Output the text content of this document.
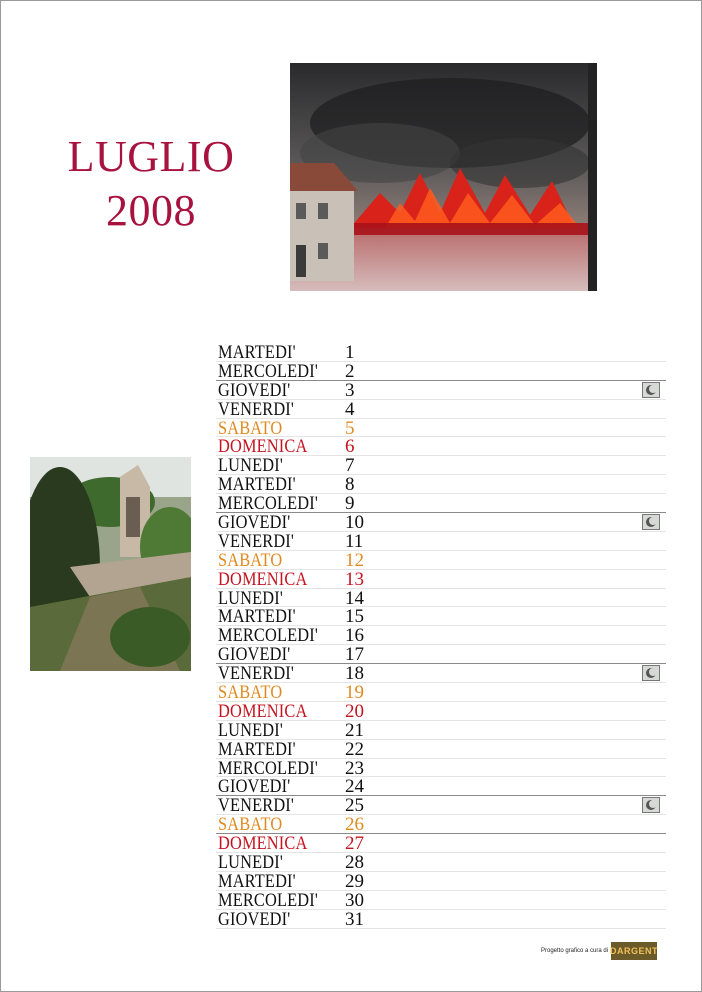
LUGLIO
2008
MARTEDI'	1
MERCOLEDI' 2
GIOVEDI'	3
VENERDI'	4
SABATO	5
DOMENICA 6
LUNEDI'	7
MARTEDI'	8
MERCOLEDI' 9
GIOVEDI'	10
VENERDI'	11
SABATO	12
DOMENICA 13
LUNEDI'	14
MARTEDI'	15
MERCOLEDI' 16
GIOVEDI'	17
VENERDI'	18
SABATO	19
DOMENICA 20
LUNEDI'	21
MARTEDI'	22
MERCOLEDI' 23
GIOVEDI'	24
VENERDI'	25
SABATO	26
DOMENICA 27
LUNEDI'	28
MARTEDI'	29
MERCOLEDI' 30
GIOVEDI'	31
Progetto grafico a cura di DARGENT
